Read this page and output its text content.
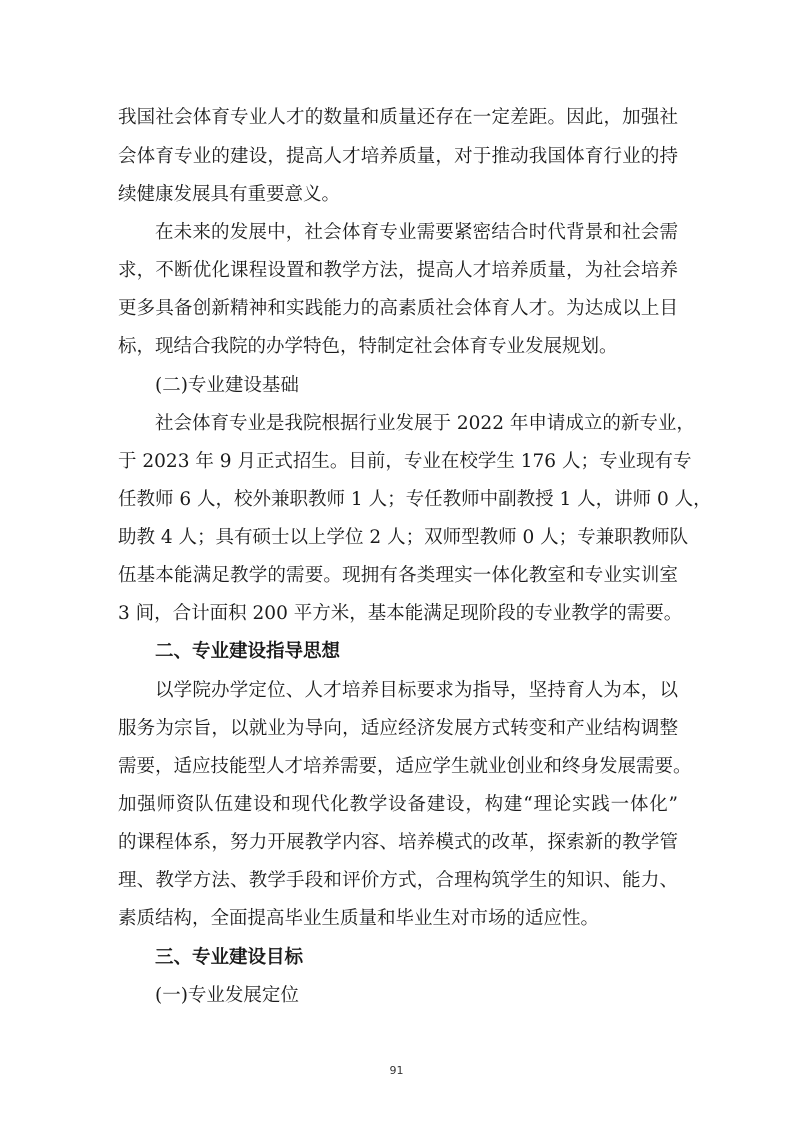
我国社会体育专业人才的数量和质量还存在一定差距。因此，加强社
会体育专业的建设，提高人才培养质量，对于推动我国体育行业的持
续健康发展具有重要意义。
在未来的发展中，社会体育专业需要紧密结合时代背景和社会需
求，不断优化课程设置和教学方法，提高人才培养质量，为社会培养
更多具备创新精神和实践能力的高素质社会体育人才。为达成以上目
标，现结合我院的办学特色，特制定社会体育专业发展规划。
(二)专业建设基础
社会体育专业是我院根据行业发展于 2022 年申请成立的新专业，
于 2023 年 9 月正式招生。目前，专业在校学生 176 人；专业现有专
任教师 6 人，校外兼职教师 1 人；专任教师中副教授 1 人，讲师 0 人，
助教 4 人；具有硕士以上学位 2 人；双师型教师 0 人；专兼职教师队
伍基本能满足教学的需要。现拥有各类理实一体化教室和专业实训室
3 间，合计面积 200 平方米，基本能满足现阶段的专业教学的需要。
二、专业建设指导思想
以学院办学定位、人才培养目标要求为指导，坚持育人为本，以
服务为宗旨，以就业为导向，适应经济发展方式转变和产业结构调整
需要，适应技能型人才培养需要，适应学生就业创业和终身发展需要。
加强师资队伍建设和现代化教学设备建设，构建“理论实践一体化”
的课程体系，努力开展教学内容、培养模式的改革，探索新的教学管
理、教学方法、教学手段和评价方式，合理构筑学生的知识、能力、
素质结构，全面提高毕业生质量和毕业生对市场的适应性。
三、专业建设目标
(一)专业发展定位
91
